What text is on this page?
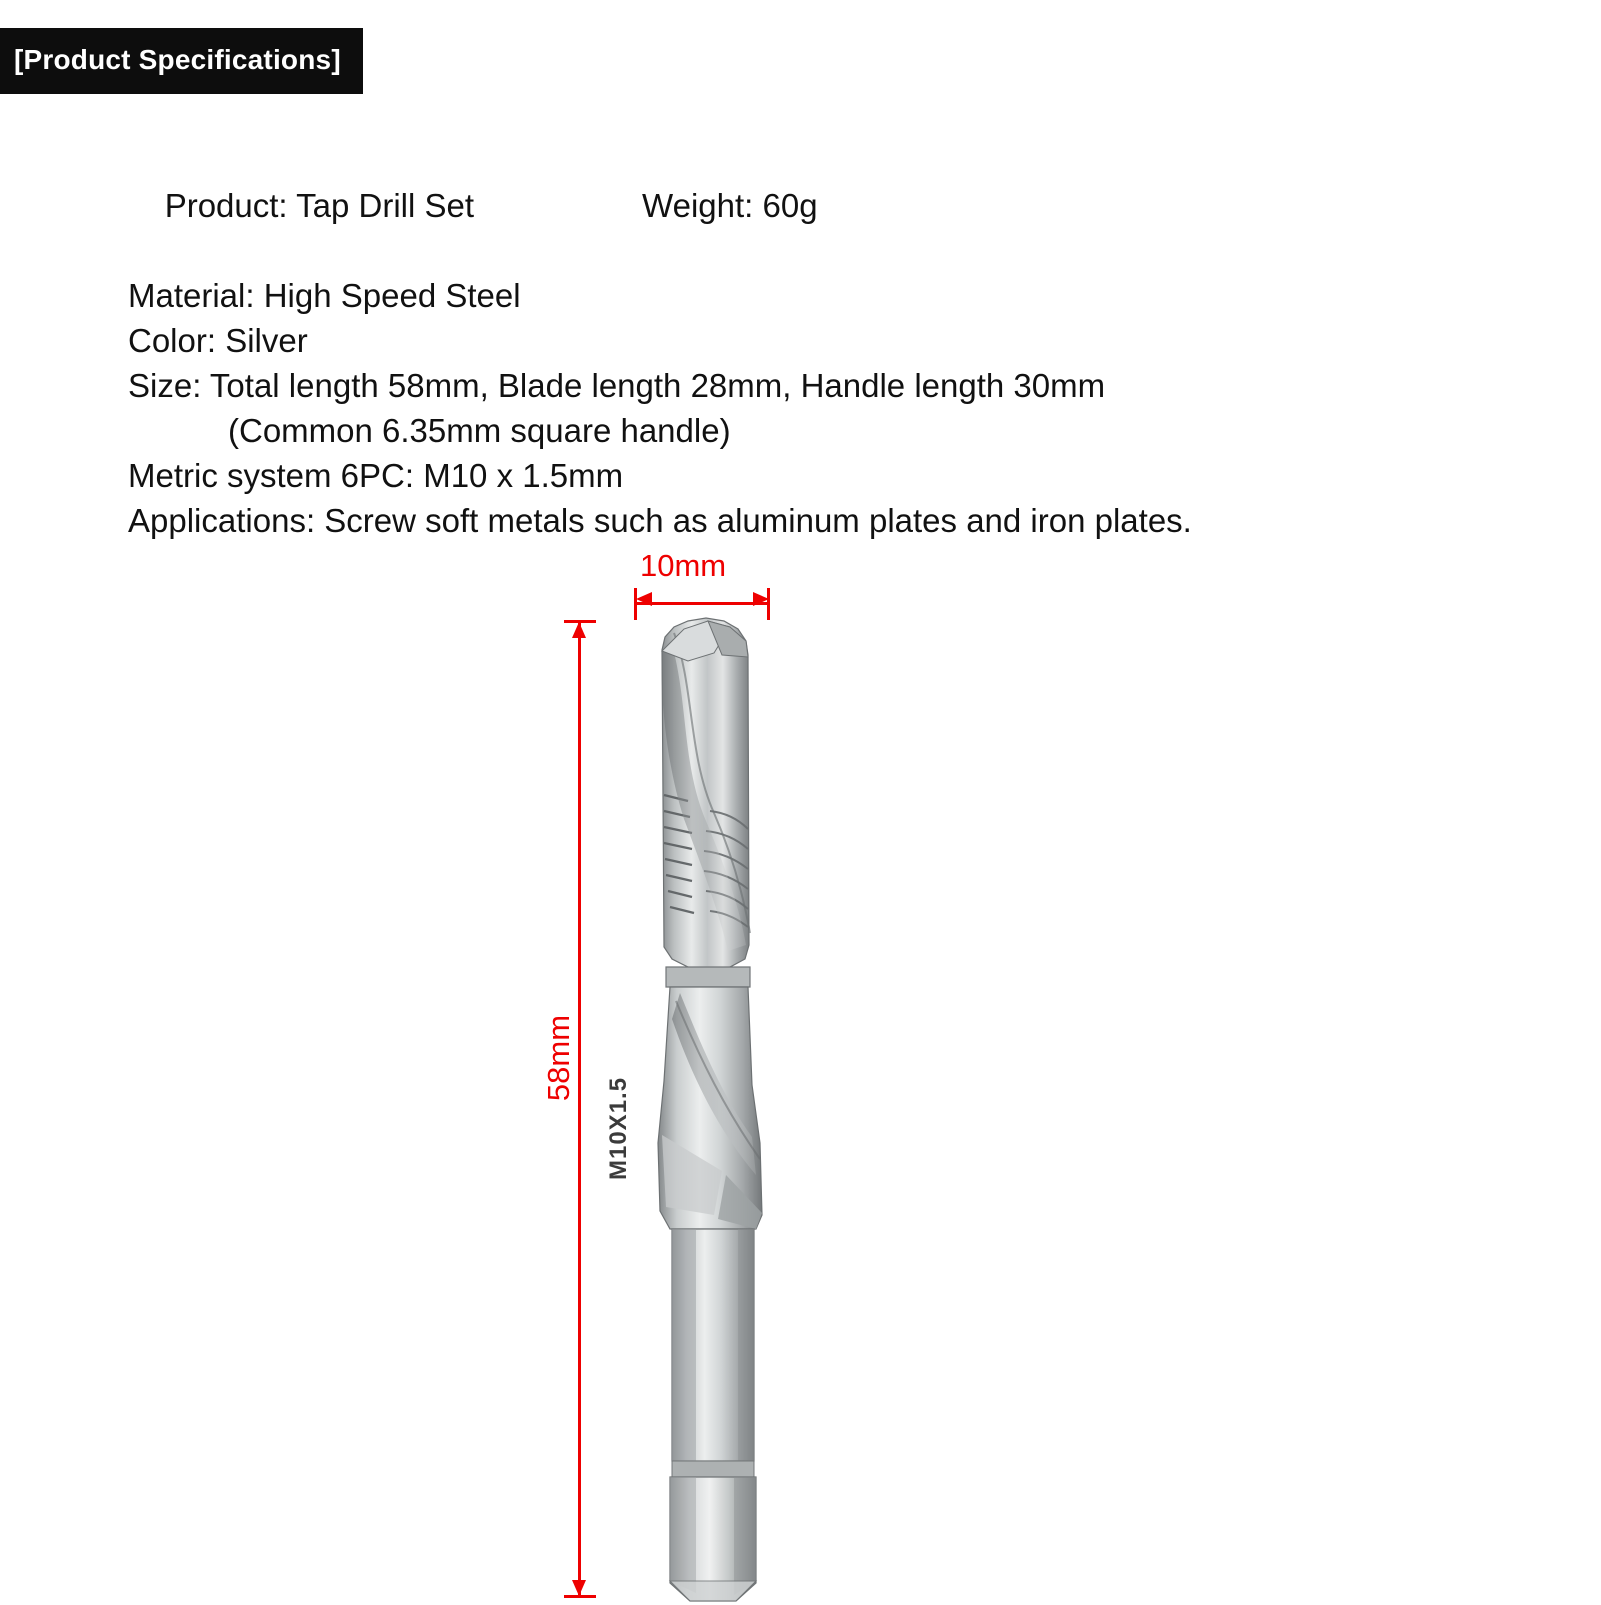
[Product Specifications]

Product: Tap Drill Set	Weight: 60g

Material: High Speed Steel
Color: Silver
Size: Total length 58mm, Blade length 28mm, Handle length 30mm
(Common 6.35mm square handle)
Metric system 6PC: M10 x 1.5mm
Applications: Screw soft metals such as aluminum plates and iron plates.
10mm
58mm
M10X1.5
